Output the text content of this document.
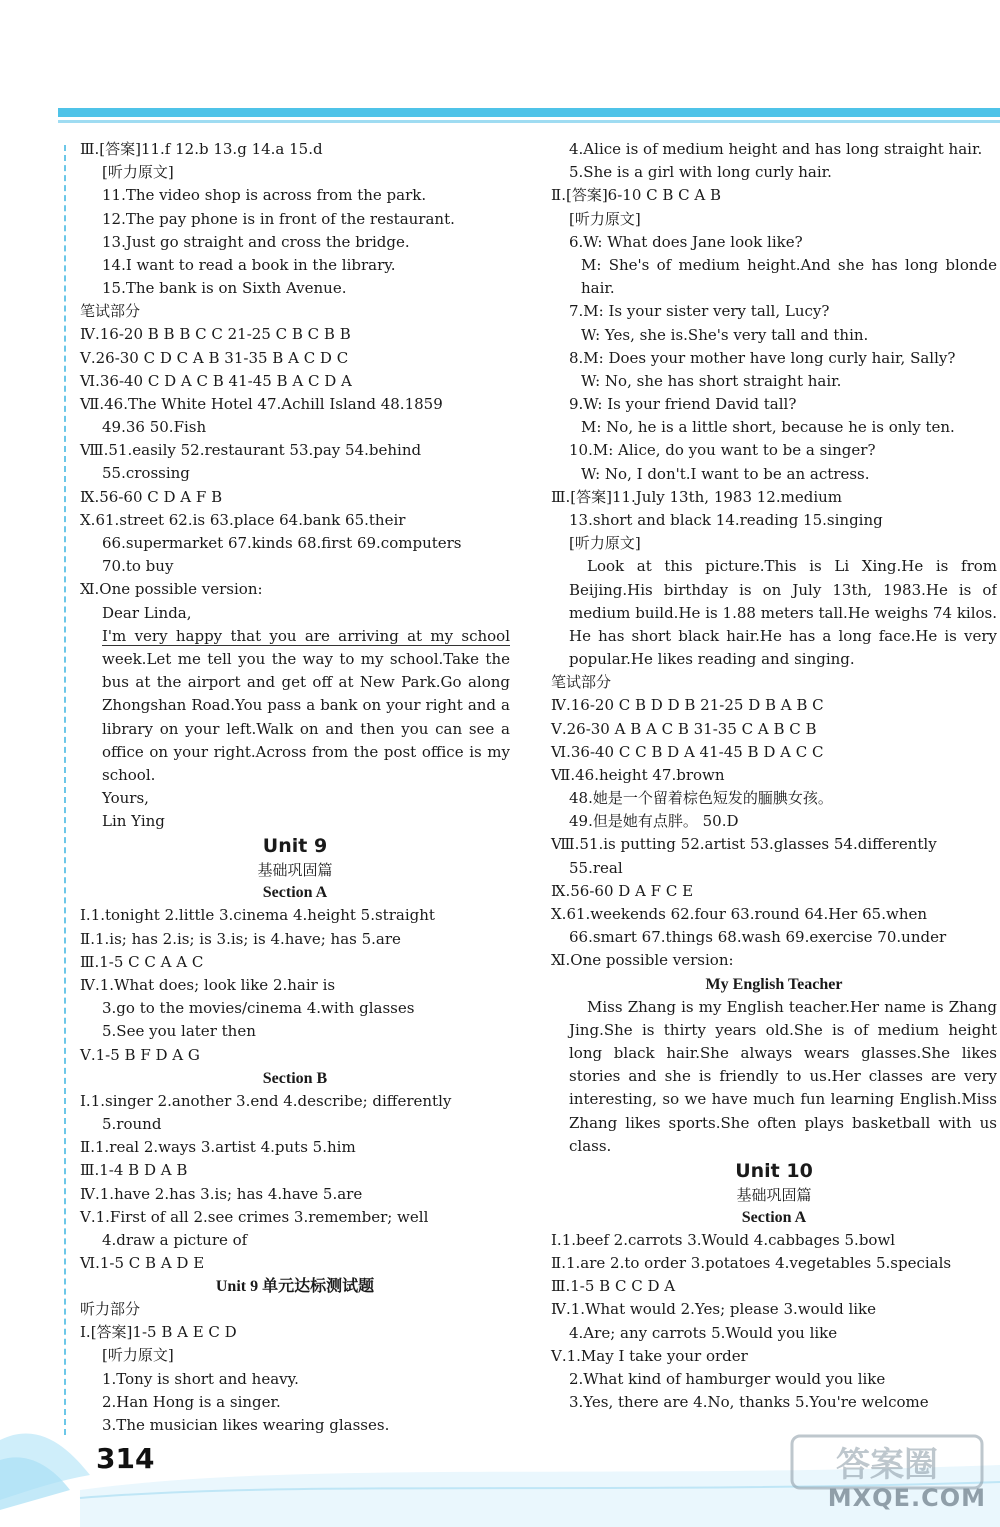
Ⅲ.[答案]11.f 12.b 13.g 14.a 15.d
[听力原文]
11.The video shop is across from the park.
12.The pay phone is in front of the restaurant.
13.Just go straight and cross the bridge.
14.I want to read a book in the library.
15.The bank is on Sixth Avenue.
笔试部分
Ⅳ.16-20 B B B C C 21-25 C B C B B
Ⅴ.26-30 C D C A B 31-35 B A C D C
Ⅵ.36-40 C D A C B 41-45 B A C D A
Ⅶ.46.The White Hotel 47.Achill Island 48.1859
49.36 50.Fish
Ⅷ.51.easily 52.restaurant 53.pay 54.behind
55.crossing
Ⅸ.56-60 C D A F B
Ⅹ.61.street 62.is 63.place 64.bank 65.their
66.supermarket 67.kinds 68.first 69.computers
70.to buy
Ⅺ.One possible version:
Dear Linda,
I'm very happy that you are arriving at my school
week.Let me tell you the way to my school.Take the
bus at the airport and get off at New Park.Go along
Zhongshan Road.You pass a bank on your right and a
library on your left.Walk on and then you can see a
office on your right.Across from the post office is my
school.
Yours,
Lin Ying
Unit 9
基础巩固篇
Section A
Ⅰ.1.tonight 2.little 3.cinema 4.height 5.straight
Ⅱ.1.is; has 2.is; is 3.is; is 4.have; has 5.are
Ⅲ.1-5 C C A A C
Ⅳ.1.What does; look like 2.hair is
3.go to the movies/cinema 4.with glasses
5.See you later then
Ⅴ.1-5 B F D A G
Section B
Ⅰ.1.singer 2.another 3.end 4.describe; differently
5.round
Ⅱ.1.real 2.ways 3.artist 4.puts 5.him
Ⅲ.1-4 B D A B
Ⅳ.1.have 2.has 3.is; has 4.have 5.are
Ⅴ.1.First of all 2.see crimes 3.remember; well
4.draw a picture of
Ⅵ.1-5 C B A D E
Unit 9 单元达标测试题
听力部分
Ⅰ.[答案]1-5 B A E C D
[听力原文]
1.Tony is short and heavy.
2.Han Hong is a singer.
3.The musician likes wearing glasses.
4.Alice is of medium height and has long straight hair.
5.She is a girl with long curly hair.
Ⅱ.[答案]6-10 C B C A B
[听力原文]
6.W: What does Jane look like?
M: She's of medium height.And she has long blonde
hair.
7.M: Is your sister very tall, Lucy?
W: Yes, she is.She's very tall and thin.
8.M: Does your mother have long curly hair, Sally?
W: No, she has short straight hair.
9.W: Is your friend David tall?
M: No, he is a little short, because he is only ten.
10.M: Alice, do you want to be a singer?
W: No, I don't.I want to be an actress.
Ⅲ.[答案]11.July 13th, 1983 12.medium
13.short and black 14.reading 15.singing
[听力原文]
Look at this picture.This is Li Xing.He is from
Beijing.His birthday is on July 13th, 1983.He is of
medium build.He is 1.88 meters tall.He weighs 74 kilos.
He has short black hair.He has a long face.He is very
popular.He likes reading and singing.
笔试部分
Ⅳ.16-20 C B D D B 21-25 D B A B C
Ⅴ.26-30 A B A C B 31-35 C A B C B
Ⅵ.36-40 C C B D A 41-45 B D A C C
Ⅶ.46.height 47.brown
48.她是一个留着棕色短发的腼腆女孩。
49.但是她有点胖。 50.D
Ⅷ.51.is putting 52.artist 53.glasses 54.differently
55.real
Ⅸ.56-60 D A F C E
Ⅹ.61.weekends 62.four 63.round 64.Her 65.when
66.smart 67.things 68.wash 69.exercise 70.under
Ⅺ.One possible version:
My English Teacher
Miss Zhang is my English teacher.Her name is Zhang
Jing.She is thirty years old.She is of medium height
long black hair.She always wears glasses.She likes
stories and she is friendly to us.Her classes are very
interesting, so we have much fun learning English.Miss
Zhang likes sports.She often plays basketball with us
class.
Unit 10
基础巩固篇
Section A
Ⅰ.1.beef 2.carrots 3.Would 4.cabbages 5.bowl
Ⅱ.1.are 2.to order 3.potatoes 4.vegetables 5.specials
Ⅲ.1-5 B C C D A
Ⅳ.1.What would 2.Yes; please 3.would like
4.Are; any carrots 5.Would you like
Ⅴ.1.May I take your order
2.What kind of hamburger would you like
3.Yes, there are 4.No, thanks 5.You're welcome
314	答案圈
MXQE.COM
